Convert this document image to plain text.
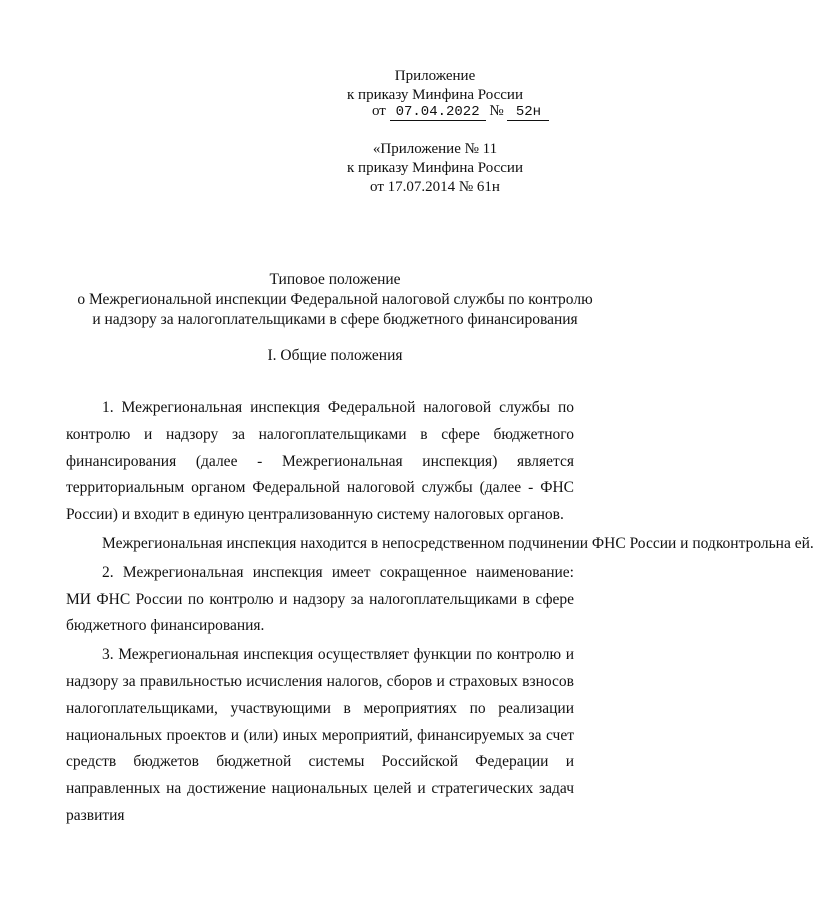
Приложение
к приказу Минфина России
от 07.04.2022 № 52н
«Приложение № 11
к приказу Минфина России
от 17.07.2014 № 61н
Типовое положение
о Межрегиональной инспекции Федеральной налоговой службы по контролю
и надзору за налогоплательщиками в сфере бюджетного финансирования
I. Общие положения

1. Межрегиональная инспекция Федеральной налоговой службы по контролю и надзору за налогоплательщиками в сфере бюджетного финансирования (далее - Межрегиональная инспекция) является территориальным органом Федеральной налоговой службы (далее - ФНС России) и входит в единую централизованную систему налоговых органов.

Межрегиональная инспекция находится в непосредственном подчинении ФНС России и подконтрольна ей.

2. Межрегиональная инспекция имеет сокращенное наименование: МИ ФНС России по контролю и надзору за налогоплательщиками в сфере бюджетного финансирования.

3. Межрегиональная инспекция осуществляет функции по контролю и надзору за правильностью исчисления налогов, сборов и страховых взносов налогоплательщиками, участвующими в мероприятиях по реализации национальных проектов и (или) иных мероприятий, финансируемых за счет средств бюджетов бюджетной системы Российской Федерации и направленных на достижение национальных целей и стратегических задач развития
